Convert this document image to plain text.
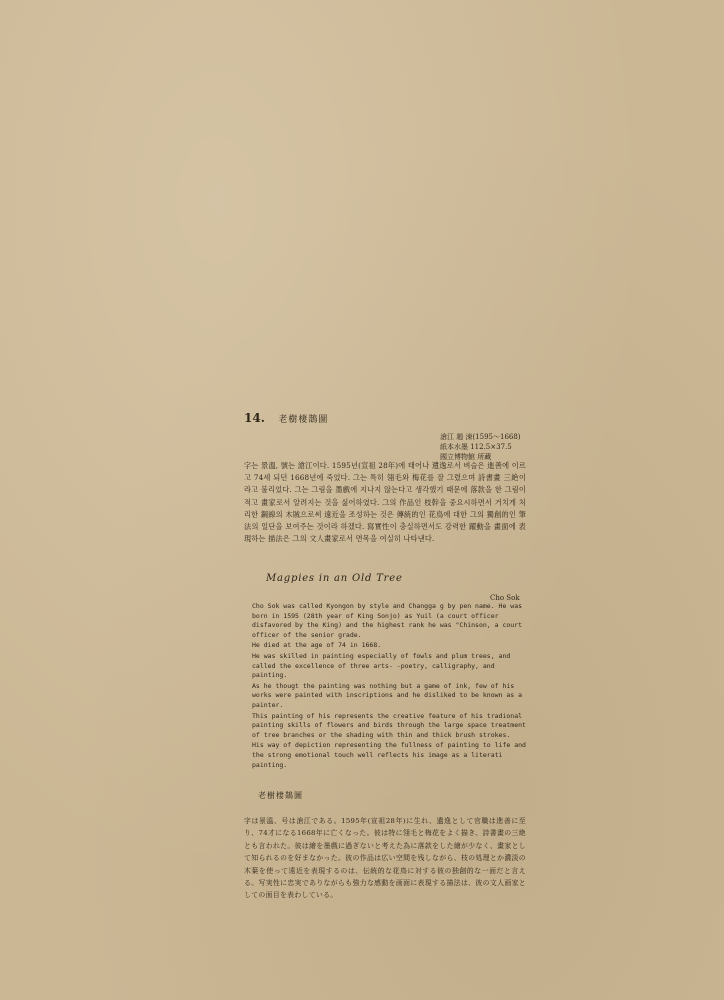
14. 老樹棲鵲圖
滄江 趙 涑(1595～1668)
紙本水墨 112.5×37.5
國立博物館 所藏

字는 景溫, 號는 滄江이다. 1595년(宣祖 28年)에 태어나 遺逸로서 벼슬은 進善에 이르고 74세 되던 1668년에 죽었다. 그는 특히 翎毛와 梅花를 잘 그렸으며 詩書畫 三絶이라고 불리었다. 그는 그림을 墨戲에 지나지 않는다고 생각했기 때문에 落款을 한 그림이 적고 畫家로서 알려지는 것을 싫어하였다. 그의 作品인 枝幹을 중요시하면서 거치게 처리한 鋼線의 木賊으로써 遠近을 조성하는 것은 傳統的인 花鳥에 대한 그의 獨創的인 筆法의 일단을 보여주는 것이라 하겠다. 寫實性이 충실하면서도 강력한 躍動을 畫面에 表現하는 描法은 그의 文人畫家로서 면목을 여실히 나타낸다.

Magpies in an Old Tree
Cho Sok

Cho Sok was called Kyongon by style and Changga g by pen name. He was born in 1595 (28th year of King Sonjo) as Yuil (a court officer disfavored by the King) and the highest rank he was "Chinson, a court officer of the senior grade.

He died at the age of 74 in 1668.

He was skilled in painting especially of fowls and plum trees, and called the excellence of three arts- -poetry, calligraphy, and painting.

As he thougt the painting was nothing but a game of ink, few of his works were painted with inscriptions and he disliked to be known as a painter.

This painting of his represents the creative feature of his tradional painting skills of flowers and birds through the large space treatment of tree branches or the shading with thin and thick brush strokes.

His way of depiction representing the fullness of painting to life and the strong emotional touch well reflects his image as a literati painting.

老樹棲鵲圖

字は景溫、号は滄江である。1595年(宣祖28年)に生れ、遺逸として官職は進善に至り、74才になる1668年に亡くなった。彼は特に翎毛と梅花をよく描き、詩書畫の三絶とも言われた。彼は繪を墨戲に過ぎないと考えた為に落款をした繪が少なく、畫家として知られるのを好まなかった。彼の作品は広い空間を残しながら、枝の処理とか濃淡の木葉を使って遠近を表現するのは、伝統的な花鳥に対する彼の独創的な一面だと言える。写実性に忠実でありながらも強力な感動を画面に表現する描法は、彼の文人画家としての面目を表わしている。
